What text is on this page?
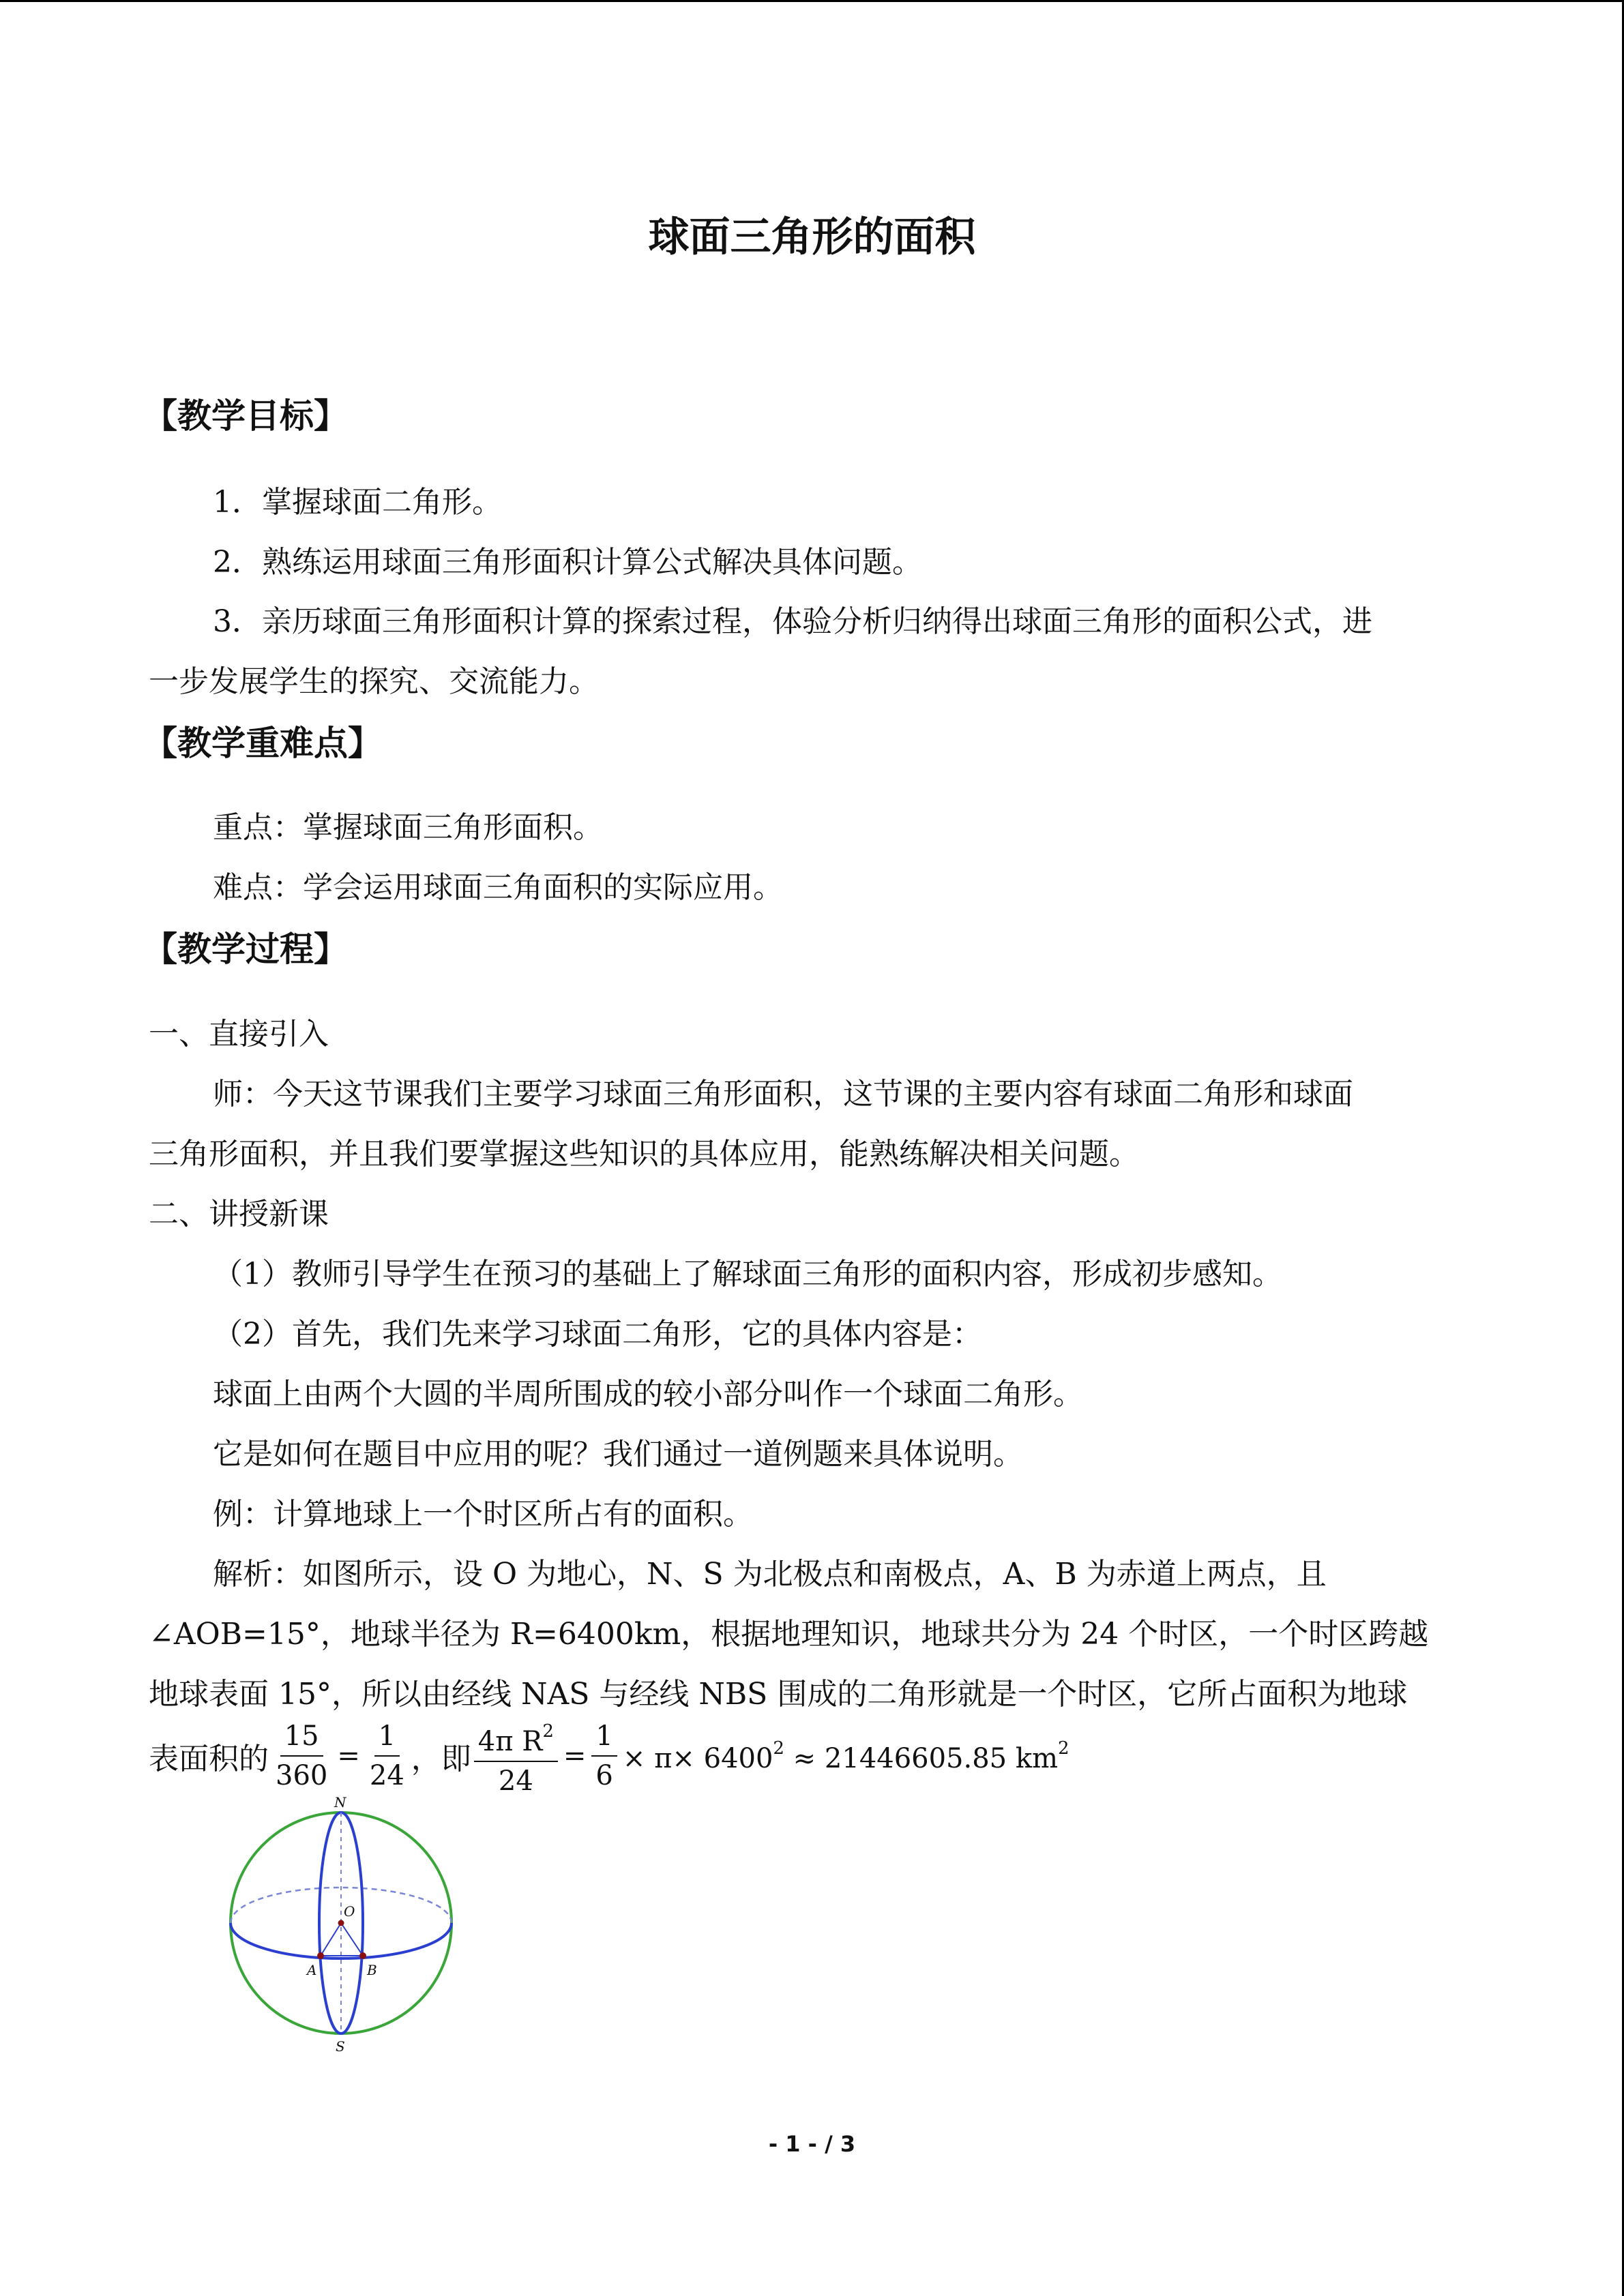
球面三角形的面积
【教学目标】
1．掌握球面二角形。
2．熟练运用球面三角形面积计算公式解决具体问题。
3．亲历球面三角形面积计算的探索过程，体验分析归纳得出球面三角形的面积公式，进
一步发展学生的探究、交流能力。
【教学重难点】
重点：掌握球面三角形面积。
难点：学会运用球面三角面积的实际应用。
【教学过程】
一、直接引入
师：今天这节课我们主要学习球面三角形面积，这节课的主要内容有球面二角形和球面
三角形面积，并且我们要掌握这些知识的具体应用，能熟练解决相关问题。
二、讲授新课
（1）教师引导学生在预习的基础上了解球面三角形的面积内容，形成初步感知。
（2）首先，我们先来学习球面二角形，它的具体内容是：
球面上由两个大圆的半周所围成的较小部分叫作一个球面二角形。
它是如何在题目中应用的呢？我们通过一道例题来具体说明。
例：计算地球上一个时区所占有的面积。
解析：如图所示，设 O 为地心，N、S 为北极点和南极点，A、B 为赤道上两点，且
∠AOB=15°，地球半径为 R=6400km，根据地理知识，地球共分为 24 个时区，一个时区跨越
地球表面 15°，所以由经线 NAS 与经线 NBS 围成的二角形就是一个时区，它所占面积为地球
表面积的 $\frac{15}{360} = \frac{1}{24}$ ，即 $\frac{4\pi R^2}{24} = \frac{1}{6} \times \pi\times 6400^2 \approx 21446605.85$ $km^2$
N
S
O
A	B
- 1 - / 3
